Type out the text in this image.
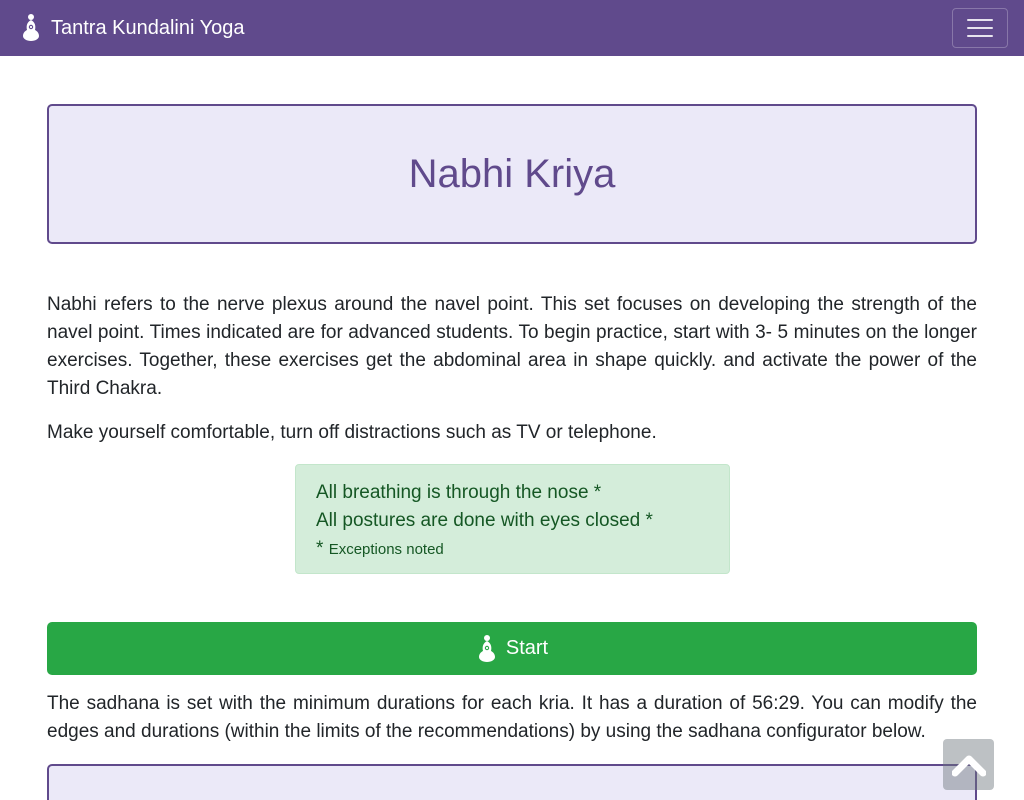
Tantra Kundalini Yoga
Nabhi Kriya

Nabhi refers to the nerve plexus around the navel point. This set focuses on developing the strength of the navel point. Times indicated are for advanced students. To begin practice, start with 3- 5 minutes on the longer exercises. Together, these exercises get the abdominal area in shape quickly. and activate the power of the Third Chakra.

Make yourself comfortable, turn off distractions such as TV or telephone.

All breathing is through the nose *
All postures are done with eyes closed *
* Exceptions noted
Start

The sadhana is set with the minimum durations for each kria. It has a duration of 56:29. You can modify the edges and durations (within the limits of the recommendations) by using the sadhana configurator below.
